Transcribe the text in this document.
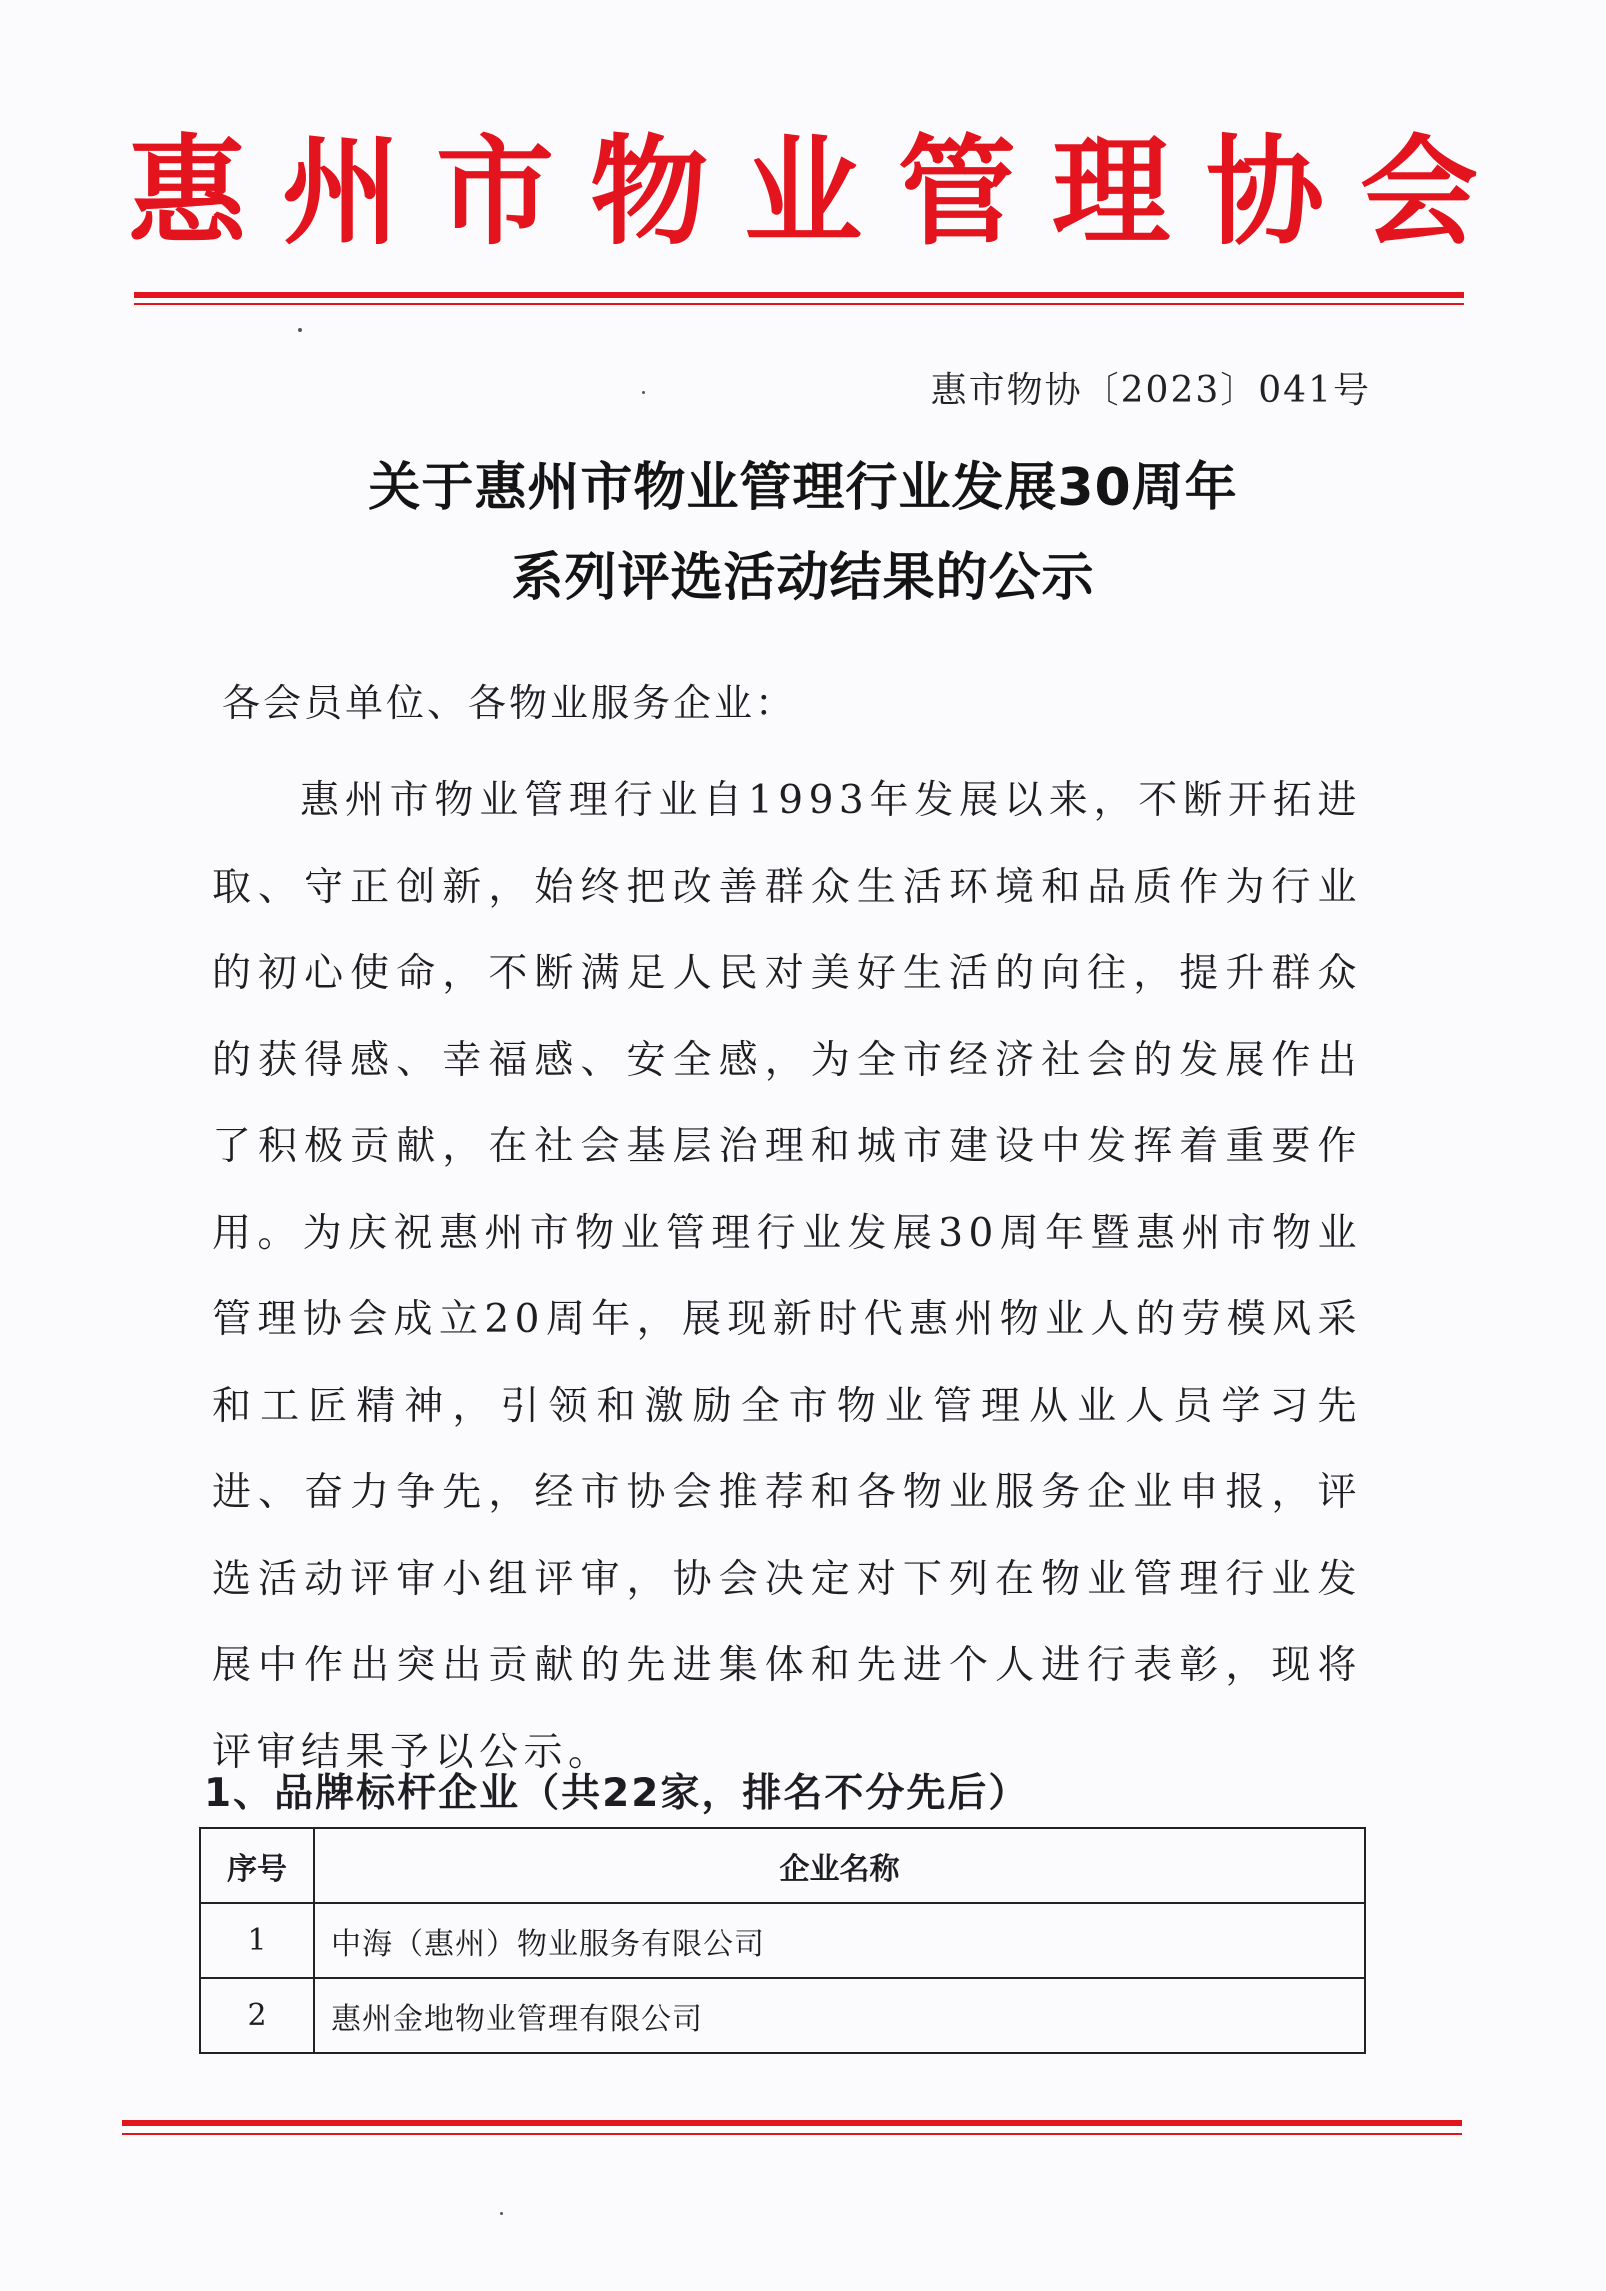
惠州市物业管理协会
惠市物协〔2023〕041号
关于惠州市物业管理行业发展30周年
系列评选活动结果的公示
各会员单位、各物业服务企业：

惠州市物业管理行业自1993年发展以来，不断开拓进取、守正创新，始终把改善群众生活环境和品质作为行业的初心使命，不断满足人民对美好生活的向往，提升群众的获得感、幸福感、安全感，为全市经济社会的发展作出了积极贡献，在社会基层治理和城市建设中发挥着重要作用。为庆祝惠州市物业管理行业发展30周年暨惠州市物业管理协会成立20周年，展现新时代惠州物业人的劳模风采和工匠精神，引领和激励全市物业管理从业人员学习先进、奋力争先，经市协会推荐和各物业服务企业申报，评选活动评审小组评审，协会决定对下列在物业管理行业发展中作出突出贡献的先进集体和先进个人进行表彰，现将评审结果予以公示。

1、品牌标杆企业（共22家，排名不分先后）
序号	企业名称
1	中海（惠州）物业服务有限公司
2	惠州金地物业管理有限公司
